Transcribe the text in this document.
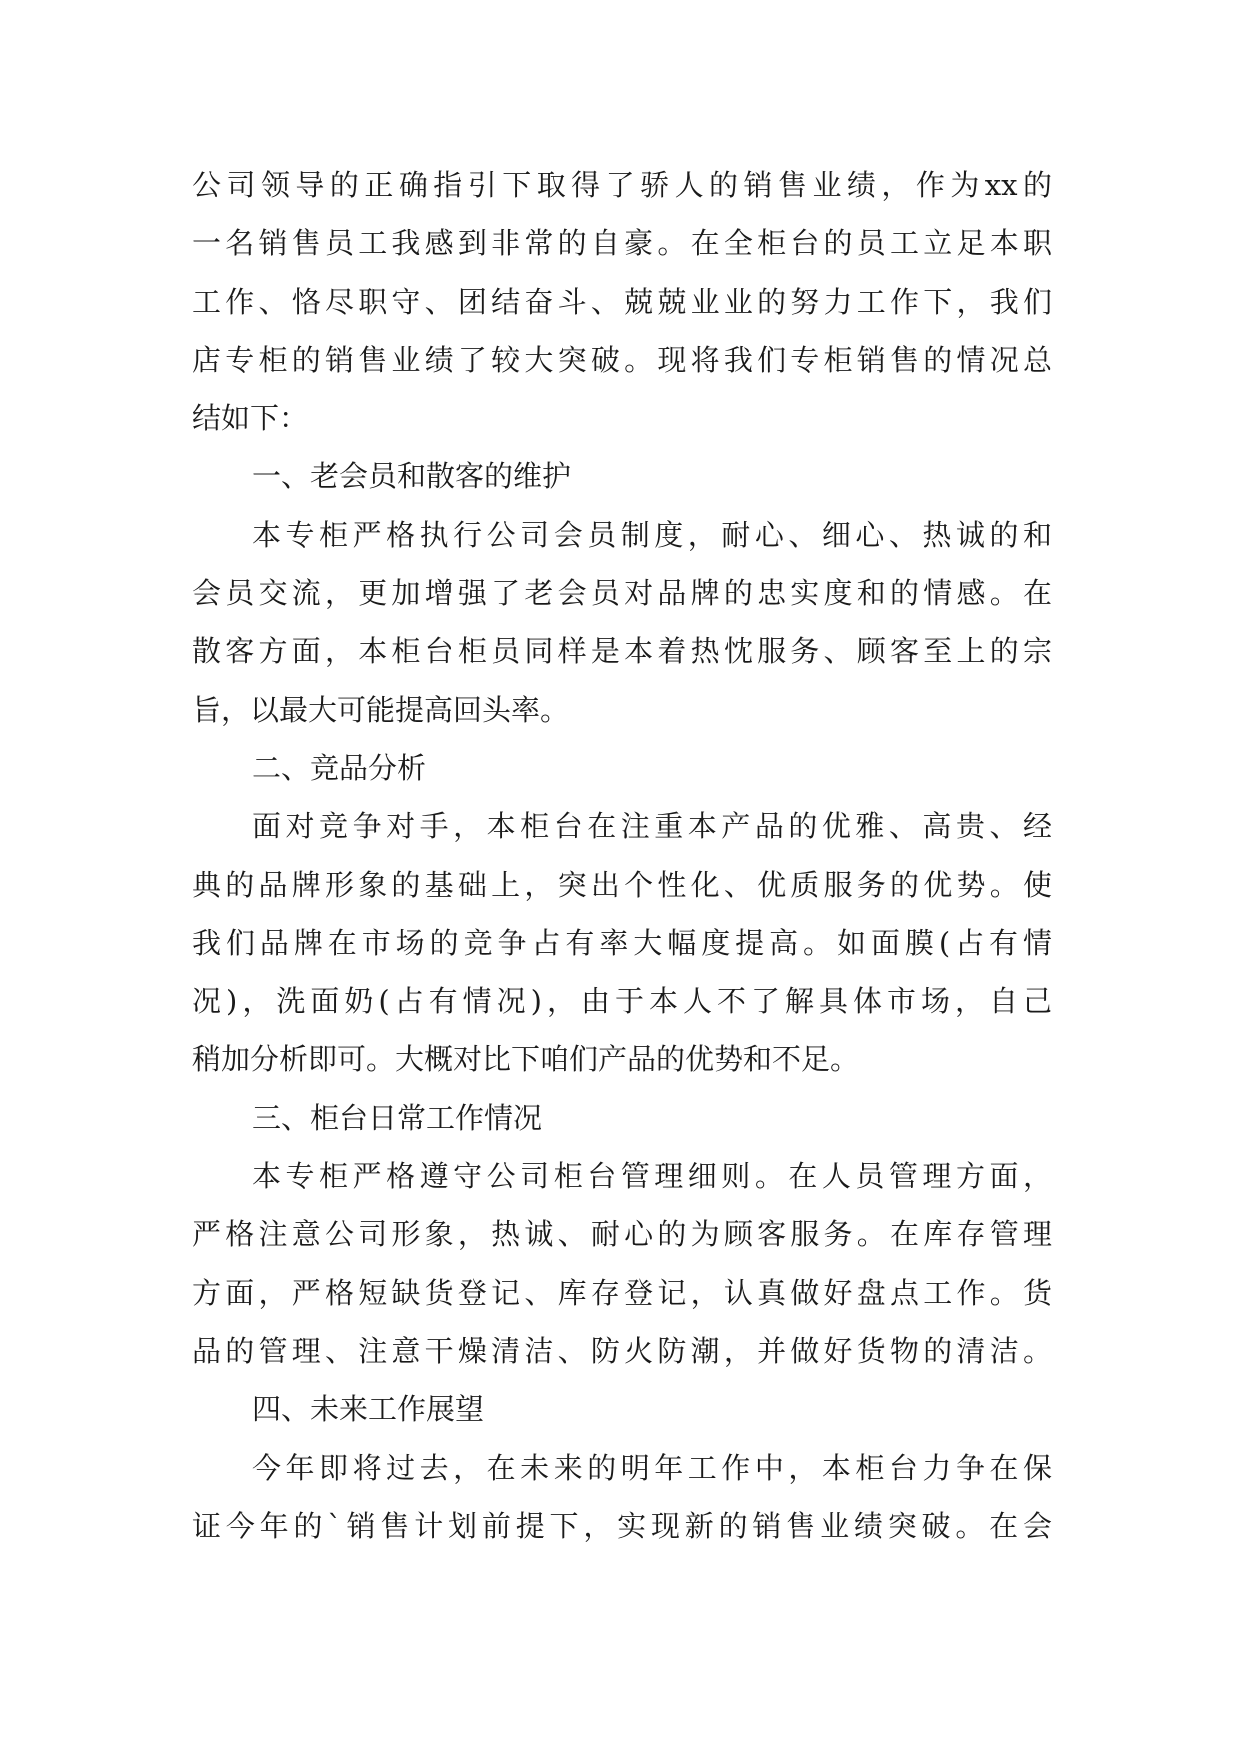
公司领导的正确指引下取得了骄人的销售业绩，作为xx的
一名销售员工我感到非常的自豪。在全柜台的员工立足本职
工作、恪尽职守、团结奋斗、兢兢业业的努力工作下，我们
店专柜的销售业绩了较大突破。现将我们专柜销售的情况总
结如下：
一、老会员和散客的维护
本专柜严格执行公司会员制度，耐心、细心、热诚的和
会员交流，更加增强了老会员对品牌的忠实度和的情感。在
散客方面，本柜台柜员同样是本着热忱服务、顾客至上的宗
旨，以最大可能提高回头率。
二、竞品分析
面对竞争对手，本柜台在注重本产品的优雅、高贵、经
典的品牌形象的基础上，突出个性化、优质服务的优势。使
我们品牌在市场的竞争占有率大幅度提高。如面膜(占有情
况)，洗面奶(占有情况)，由于本人不了解具体市场，自己
稍加分析即可。大概对比下咱们产品的优势和不足。
三、柜台日常工作情况
本专柜严格遵守公司柜台管理细则。在人员管理方面，
严格注意公司形象，热诚、耐心的为顾客服务。在库存管理
方面，严格短缺货登记、库存登记，认真做好盘点工作。货
品的管理、注意干燥清洁、防火防潮，并做好货物的清洁。
四、未来工作展望
今年即将过去，在未来的明年工作中，本柜台力争在保
证今年的`销售计划前提下，实现新的销售业绩突破。在会
